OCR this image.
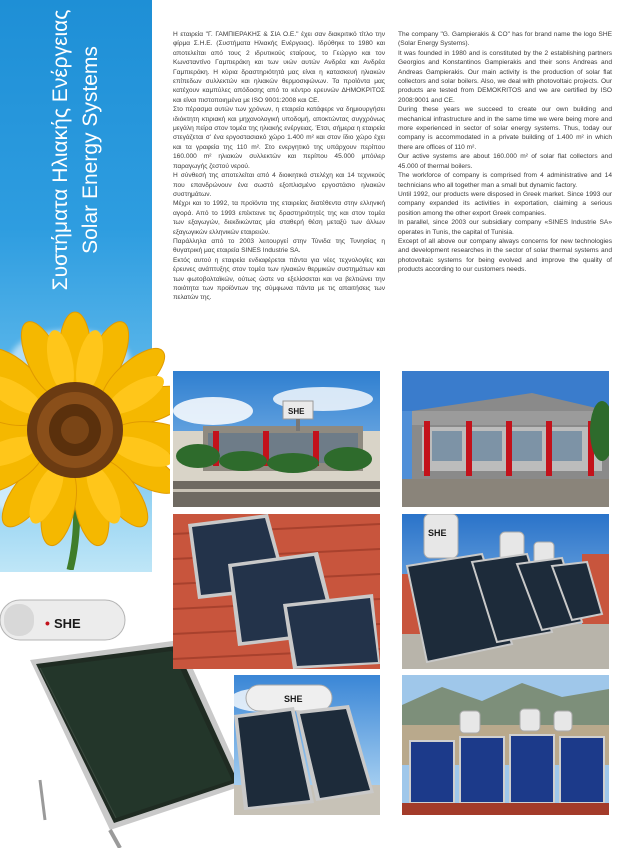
Συστήματα Ηλιακής Ενέργειας Solar Energy Systems
• SHE

Η εταιρεία "Γ. ΓΑΜΠΙΕΡΑΚΗΣ & ΣΙΑ Ο.Ε." έχει σαν διακριτικό τίτλο την φίρμα Σ.Η.Ε. (Συστήματα Ηλιακής Ενέργειας). Ιδρύθηκε το 1980 και αποτελείται από τους 2 ιδρυτικούς εταίρους, το Γεώργιο και τον Κωνσταντίνο Γαμπιεράκη και των υιών αυτών Ανδρέα και Ανδρέα Γαμπιεράκη. Η κύρια δραστηριότητά μας είναι η κατασκευή ηλιακών επίπεδων συλλεκτών και ηλιακών θερμοσιφώνων. Τα προϊόντα μας κατέχουν καμπύλες απόδοσης από το κέντρο ερευνών ΔΗΜΟΚΡΙΤΟΣ και είναι πιστοποιημένα με ISO 9001:2008 και CE.

Στο πέρασμα αυτών των χρόνων, η εταιρεία κατάφερε να δημιουργήσει ιδιόκτητη κτιριακή και μηχανολογική υποδομή, αποκτώντας συγχρόνως μεγάλη πείρα στον τομέα της ηλιακής ενέργειας. Έτσι, σήμερα η εταιρεία στεγάζεται σ' ένα εργοστασιακό χώρο 1.400 m² και στον ίδιο χώρο έχει και τα γραφεία της 110 m². Στο ενεργητικό της υπάρχουν περίπου 160.000 m² ηλιακών συλλεκτών και περίπου 45.000 μπόιλερ παραγωγής ζεστού νερού.

Η σύνθεσή της αποτελείται από 4 διοικητικά στελέχη και 14 τεχνικούς που επανδρώνουν ένα σωστό εξοπλισμένο εργοστάσιο ηλιακών συστημάτων.

Μέχρι και το 1992, τα προϊόντα της εταιρείας διατέθεντα στην ελληνική αγορά. Από το 1993 επέκτεινε τις δραστηριότητές της και στον τομέα των εξαγωγών, διεκδικώντας μία σταθερή θέση μεταξύ των άλλων εξαγωγικών ελληνικών εταιρειών.

Παράλληλα από το 2003 λειτουργεί στην Τύνιδα της Τυνησίας η θυγατρική μας εταιρεία SINES Industrie SA.

Εκτός αυτού η εταιρεία ενδιαφέρεται πάντα για νέες τεχνολογίες και έρευνες ανάπτυξης στον τομέα των ηλιακών θερμικών συστημάτων και των φωτοβολταϊκών, ούτως ώστε να εξελίσσεται και να βελτιώνει την ποιότητα των προϊόντων της σύμφωνα πάντα με τις απαιτήσεις των πελατών της.

The company "G. Gampierakis & CO" has for brand name the logo SHE (Solar Energy Systems).

It was founded in 1980 and is constituted by the 2 establishing partners Georgios and Konstantinos Gampierakis and their sons Andreas and Andreas Gampierakis. Our main activity is the production of solar flat collectors and solar boilers. Also, we deal with photovoltaic projects. Our products are tested from DEMOKRITOS and we are certified by ISO 2008:9001 and CE.

During these years we succeed to create our own building and mechanical infrastructure and in the same time we were being more and more experienced in sector of solar energy systems. Thus, today our company is accommodated in a private building of 1.400 m² in which there are offices of 110 m².

Our active systems are about 160.000 m² of solar flat collectors and 45.000 of thermal boilers.

The workforce of company is comprised from 4 administrative and 14 technicians who all together man a small but dynamic factory.

Until 1992, our products were disposed in Greek market. Since 1993 our company expanded its activities in exportation, claiming a serious position among the other export Greek companies.

In parallel, since 2003 our subsidiary company «SINES Industrie SA» operates in Tunis, the capital of Tunisia.

Except of all above our company always concerns for new technologies and development researches in the sector of solar thermal systems and photovoltaic systems for being evolved and improve the quality of products according to our customers needs.

SHE
SHE
SHE
